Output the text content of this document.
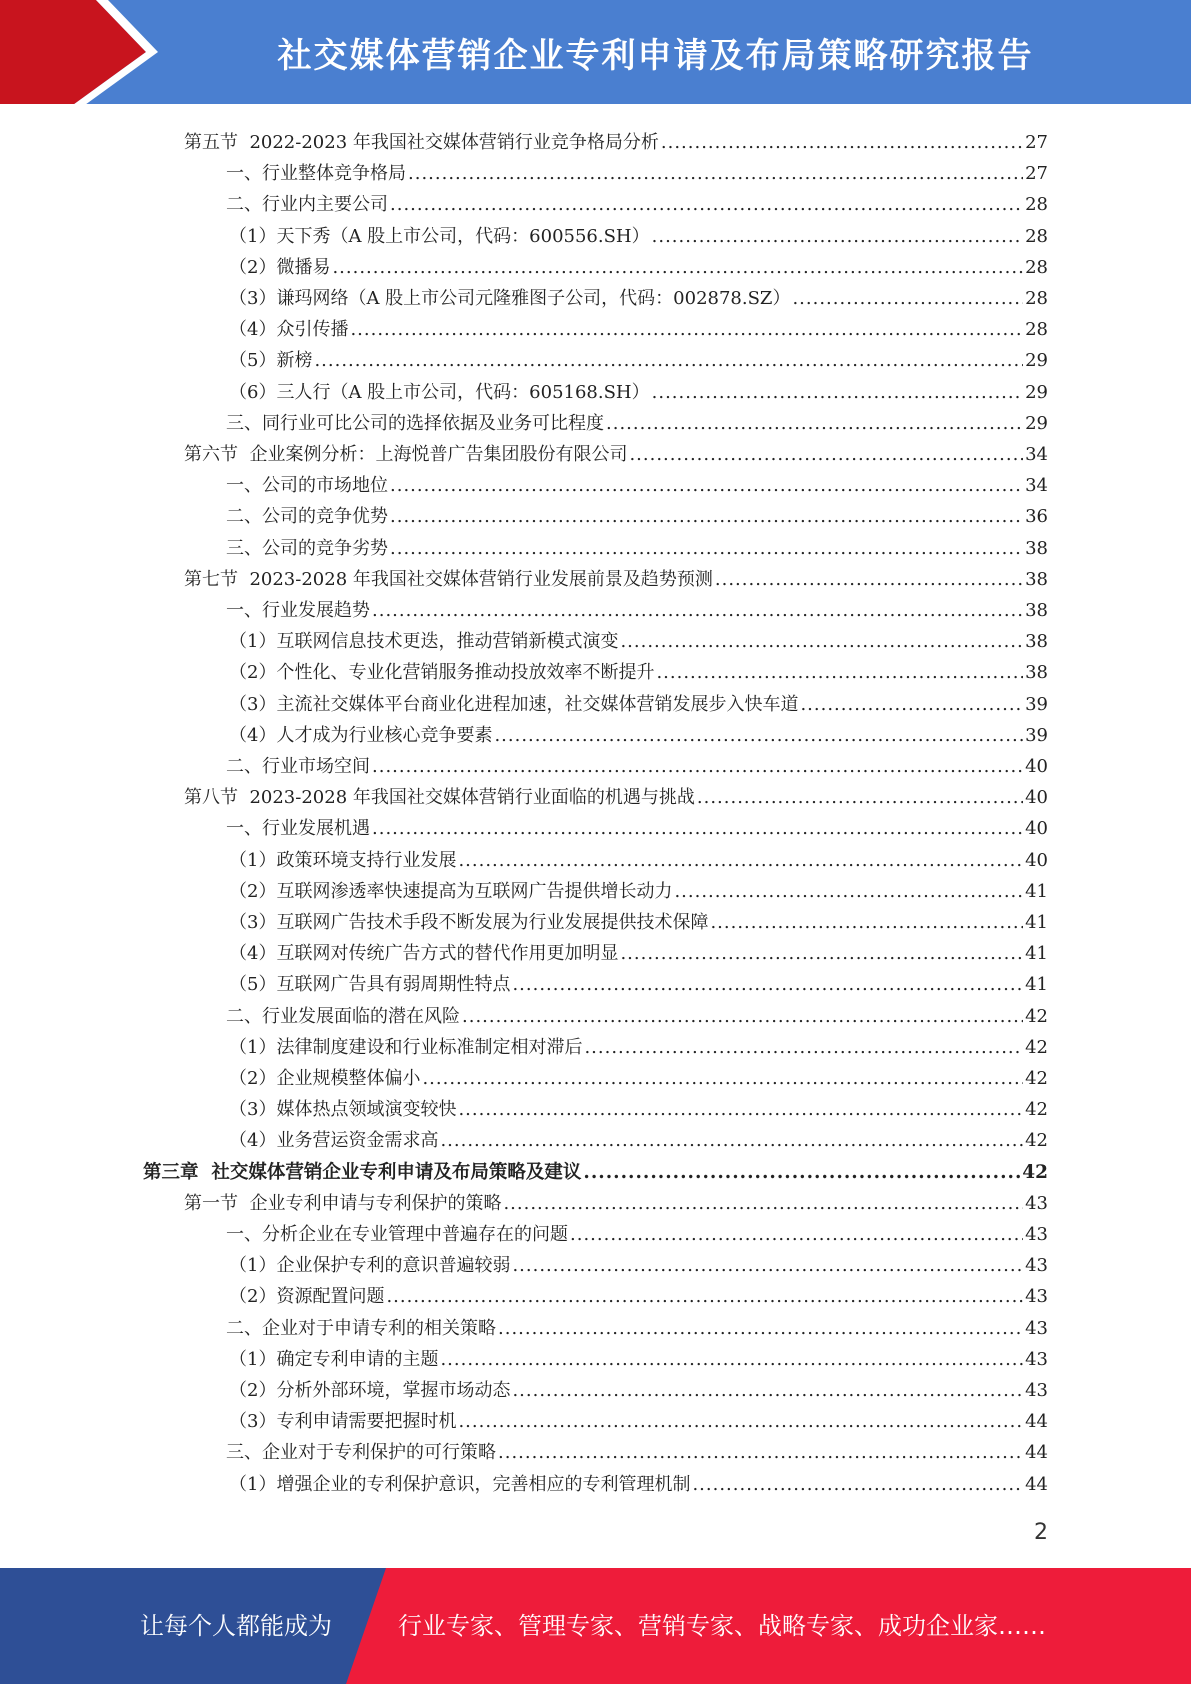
社交媒体营销企业专利申请及布局策略研究报告
第五节  2022-2023 年我国社交媒体营销行业竞争格局分析 .....	27
一、行业整体竞争格局 .....	27
二、行业内主要公司 .....	28
（1）天下秀（A 股上市公司，代码：600556.SH） .....	28
（2）微播易 .....	28
（3）谦玛网络（A 股上市公司元隆雅图子公司，代码：002878.SZ） .....	28
（4）众引传播 .....	28
（5）新榜 .....	29
（6）三人行（A 股上市公司，代码：605168.SH） .....	29
三、同行业可比公司的选择依据及业务可比程度 .....	29
第六节  企业案例分析：上海悦普广告集团股份有限公司 .....	34
一、公司的市场地位 .....	34
二、公司的竞争优势 .....	36
三、公司的竞争劣势 .....	38
第七节  2023-2028 年我国社交媒体营销行业发展前景及趋势预测 .....	38
一、行业发展趋势 .....	38
（1）互联网信息技术更迭，推动营销新模式演变 .....	38
（2）个性化、专业化营销服务推动投放效率不断提升 .....	38
（3）主流社交媒体平台商业化进程加速，社交媒体营销发展步入快车道 .....	39
（4）人才成为行业核心竞争要素 .....	39
二、行业市场空间 .....	40
第八节  2023-2028 年我国社交媒体营销行业面临的机遇与挑战 .....	40
一、行业发展机遇 .....	40
（1）政策环境支持行业发展 .....	40
（2）互联网渗透率快速提高为互联网广告提供增长动力 .....	41
（3）互联网广告技术手段不断发展为行业发展提供技术保障 .....	41
（4）互联网对传统广告方式的替代作用更加明显 .....	41
（5）互联网广告具有弱周期性特点 .....	41
二、行业发展面临的潜在风险 .....	42
（1）法律制度建设和行业标准制定相对滞后 .....	42
（2）企业规模整体偏小 .....	42
（3）媒体热点领域演变较快 .....	42
（4）业务营运资金需求高 .....	42
第三章  社交媒体营销企业专利申请及布局策略及建议 .....	42
第一节  企业专利申请与专利保护的策略 .....	43
一、分析企业在专业管理中普遍存在的问题 .....	43
（1）企业保护专利的意识普遍较弱 .....	43
（2）资源配置问题 .....	43
二、企业对于申请专利的相关策略 .....	43
（1）确定专利申请的主题 .....	43
（2）分析外部环境，掌握市场动态 .....	43
（3）专利申请需要把握时机 .....	44
三、企业对于专利保护的可行策略 .....	44
（1）增强企业的专利保护意识，完善相应的专利管理机制 .....	44
2
让每个人都能成为	行业专家、管理专家、营销专家、战略专家、成功企业家……
